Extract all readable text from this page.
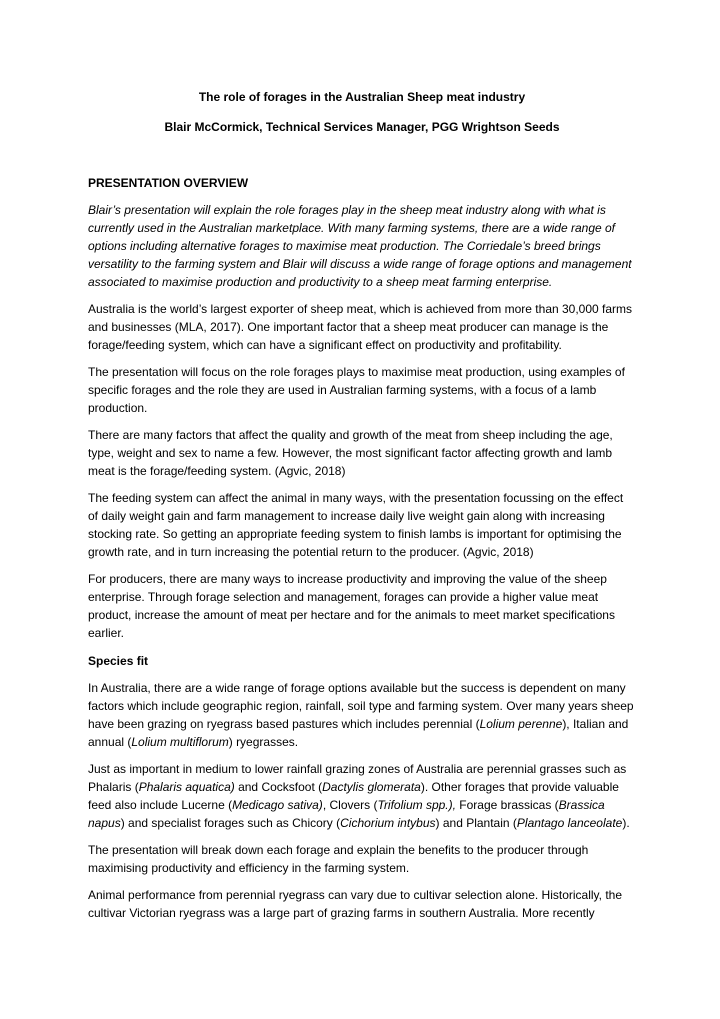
The role of forages in the Australian Sheep meat industry

Blair McCormick, Technical Services Manager, PGG Wrightson Seeds

PRESENTATION OVERVIEW

Blair’s presentation will explain the role forages play in the sheep meat industry along with what is currently used in the Australian marketplace. With many farming systems, there are a wide range of options including alternative forages to maximise meat production. The Corriedale’s breed brings versatility to the farming system and Blair will discuss a wide range of forage options and management associated to maximise production and productivity to a sheep meat farming enterprise.

Australia is the world’s largest exporter of sheep meat, which is achieved from more than 30,000 farms and businesses (MLA, 2017). One important factor that a sheep meat producer can manage is the forage/feeding system, which can have a significant effect on productivity and profitability.

The presentation will focus on the role forages plays to maximise meat production, using examples of specific forages and the role they are used in Australian farming systems, with a focus of a lamb production.

There are many factors that affect the quality and growth of the meat from sheep including the age, type, weight and sex to name a few. However, the most significant factor affecting growth and lamb meat is the forage/feeding system. (Agvic, 2018)

The feeding system can affect the animal in many ways, with the presentation focussing on the effect of daily weight gain and farm management to increase daily live weight gain along with increasing stocking rate. So getting an appropriate feeding system to finish lambs is important for optimising the growth rate, and in turn increasing the potential return to the producer. (Agvic, 2018)

For producers, there are many ways to increase productivity and improving the value of the sheep enterprise. Through forage selection and management, forages can provide a higher value meat product, increase the amount of meat per hectare and for the animals to meet market specifications earlier.

Species fit

In Australia, there are a wide range of forage options available but the success is dependent on many factors which include geographic region, rainfall, soil type and farming system. Over many years sheep have been grazing on ryegrass based pastures which includes perennial (Lolium perenne), Italian and annual (Lolium multiflorum) ryegrasses.

Just as important in medium to lower rainfall grazing zones of Australia are perennial grasses such as Phalaris (Phalaris aquatica) and Cocksfoot (Dactylis glomerata). Other forages that provide valuable feed also include Lucerne (Medicago sativa), Clovers (Trifolium spp.), Forage brassicas (Brassica napus) and specialist forages such as Chicory (Cichorium intybus) and Plantain (Plantago lanceolate).

The presentation will break down each forage and explain the benefits to the producer through maximising productivity and efficiency in the farming system.

Animal performance from perennial ryegrass can vary due to cultivar selection alone. Historically, the cultivar Victorian ryegrass was a large part of grazing farms in southern Australia. More recently
